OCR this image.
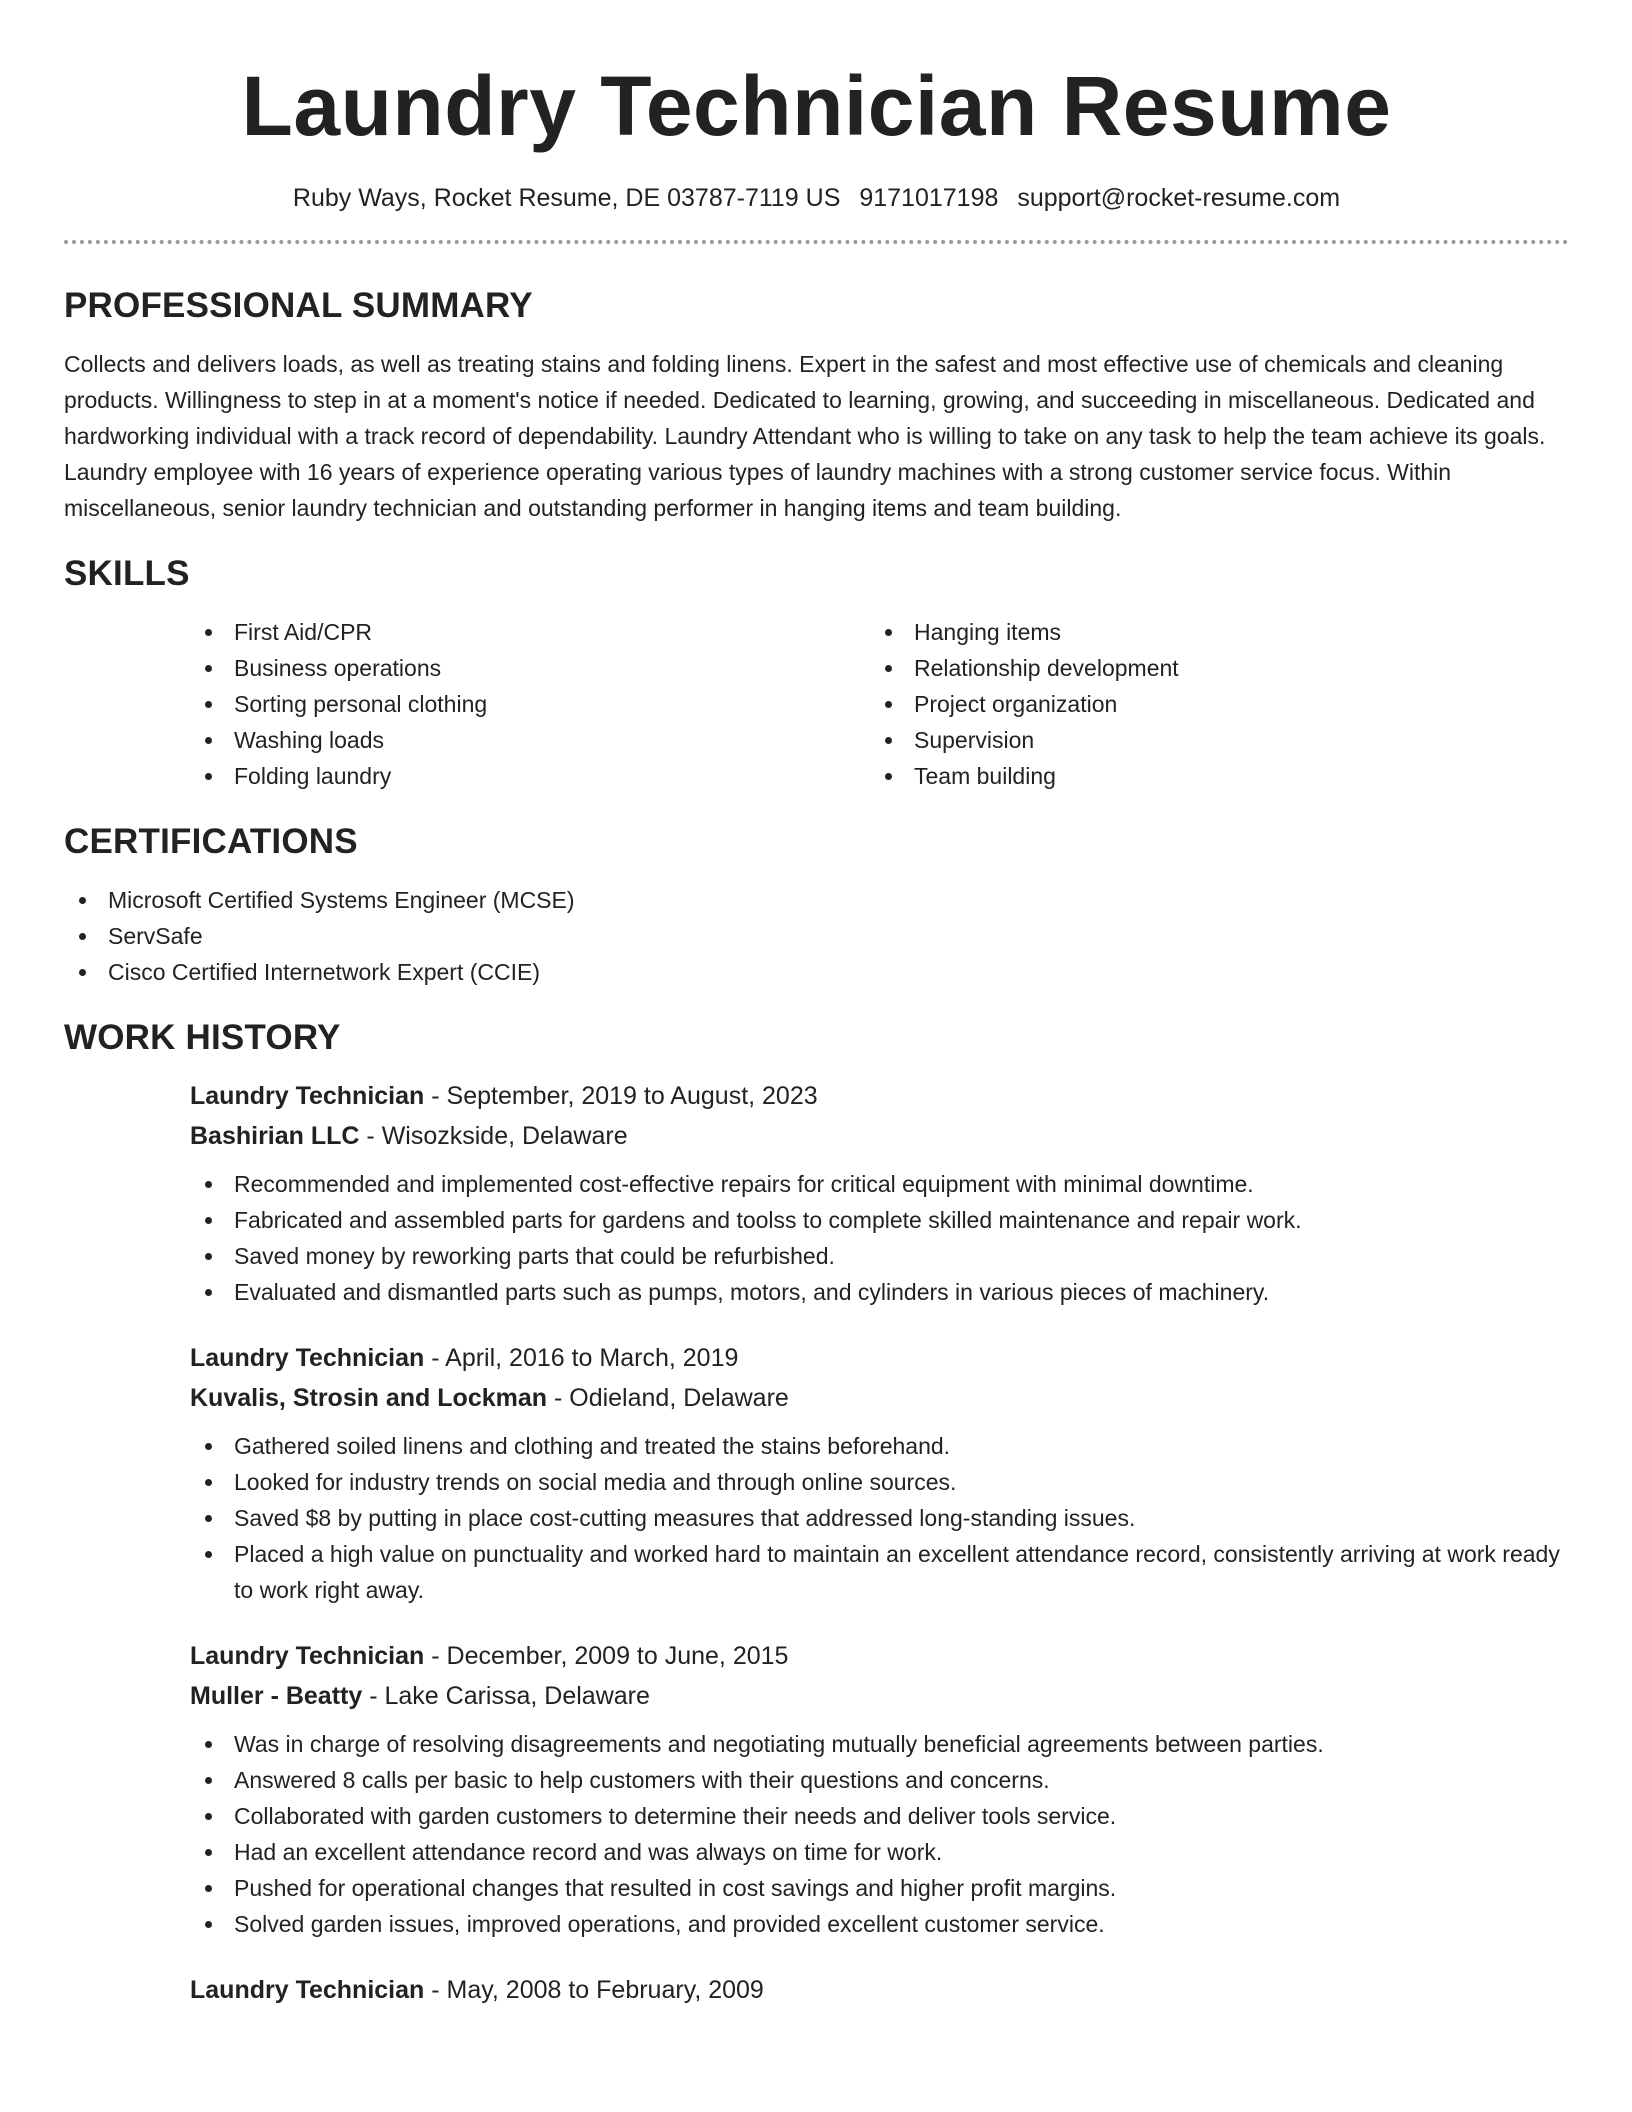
Laundry Technician Resume
Ruby Ways, Rocket Resume, DE 03787-7119 US 9171017198 support@rocket-resume.com
PROFESSIONAL SUMMARY

Collects and delivers loads, as well as treating stains and folding linens. Expert in the safest and most effective use of chemicals and cleaning products. Willingness to step in at a moment's notice if needed. Dedicated to learning, growing, and succeeding in miscellaneous. Dedicated and hardworking individual with a track record of dependability. Laundry Attendant who is willing to take on any task to help the team achieve its goals. Laundry employee with 16 years of experience operating various types of laundry machines with a strong customer service focus. Within miscellaneous, senior laundry technician and outstanding performer in hanging items and team building.

SKILLS
First Aid/CPR
Business operations
Sorting personal clothing
Washing loads
Folding laundry
Hanging items
Relationship development
Project organization
Supervision
Team building
CERTIFICATIONS
Microsoft Certified Systems Engineer (MCSE)
ServSafe
Cisco Certified Internetwork Expert (CCIE)
WORK HISTORY
Laundry Technician - September, 2019 to August, 2023
Bashirian LLC - Wisozkside, Delaware
Recommended and implemented cost-effective repairs for critical equipment with minimal downtime.
Fabricated and assembled parts for gardens and toolss to complete skilled maintenance and repair work.
Saved money by reworking parts that could be refurbished.
Evaluated and dismantled parts such as pumps, motors, and cylinders in various pieces of machinery.
Laundry Technician - April, 2016 to March, 2019
Kuvalis, Strosin and Lockman - Odieland, Delaware
Gathered soiled linens and clothing and treated the stains beforehand.
Looked for industry trends on social media and through online sources.
Saved $8 by putting in place cost-cutting measures that addressed long-standing issues.
Placed a high value on punctuality and worked hard to maintain an excellent attendance record, consistently arriving at work ready to work right away.
Laundry Technician - December, 2009 to June, 2015
Muller - Beatty - Lake Carissa, Delaware
Was in charge of resolving disagreements and negotiating mutually beneficial agreements between parties.
Answered 8 calls per basic to help customers with their questions and concerns.
Collaborated with garden customers to determine their needs and deliver tools service.
Had an excellent attendance record and was always on time for work.
Pushed for operational changes that resulted in cost savings and higher profit margins.
Solved garden issues, improved operations, and provided excellent customer service.
Laundry Technician - May, 2008 to February, 2009
